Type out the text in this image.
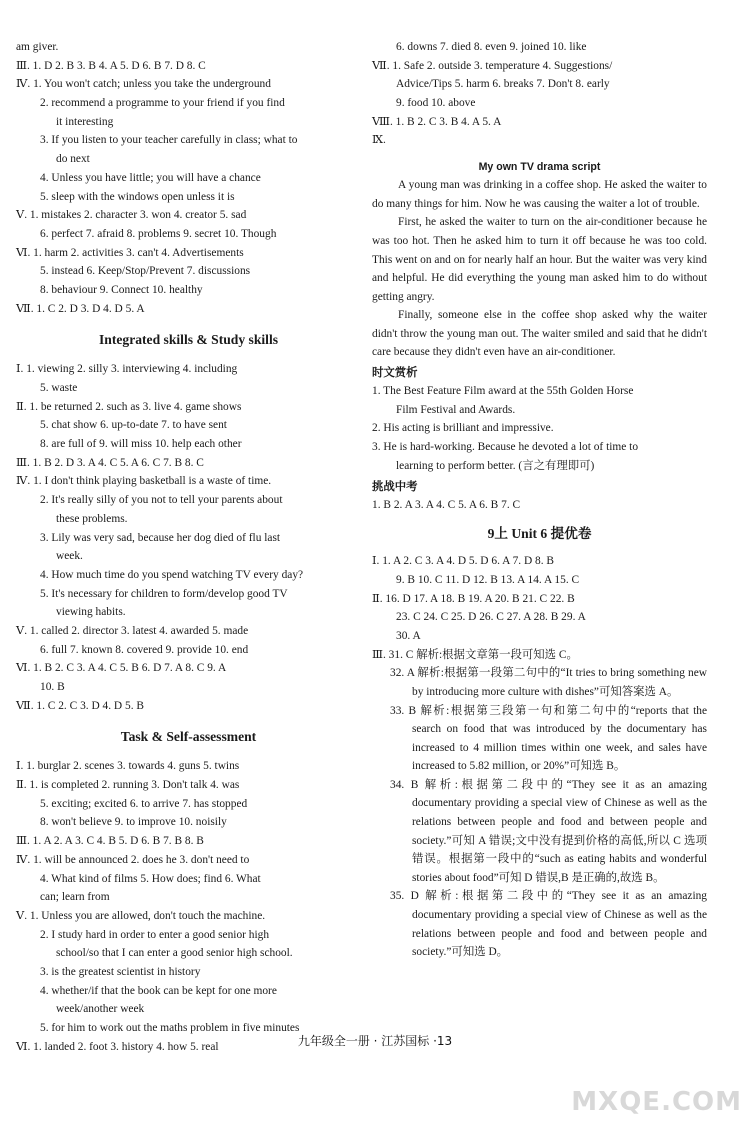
am giver.
Ⅲ. 1. D 2. B 3. B 4. A 5. D 6. B 7. D 8. C
Ⅳ. 1. You won't catch; unless you take the underground
2. recommend a programme to your friend if you find
it interesting
3. If you listen to your teacher carefully in class; what to
do next
4. Unless you have little; you will have a chance
5. sleep with the windows open unless it is
Ⅴ. 1. mistakes 2. character 3. won 4. creator 5. sad
6. perfect 7. afraid 8. problems 9. secret 10. Though
Ⅵ. 1. harm 2. activities 3. can't 4. Advertisements
5. instead 6. Keep/Stop/Prevent 7. discussions
8. behaviour 9. Connect 10. healthy
Ⅶ. 1. C 2. D 3. D 4. D 5. A
Integrated skills & Study skills
Ⅰ. 1. viewing 2. silly 3. interviewing 4. including
5. waste
Ⅱ. 1. be returned 2. such as 3. live 4. game shows
5. chat show 6. up-to-date 7. to have sent
8. are full of 9. will miss 10. help each other
Ⅲ. 1. B 2. D 3. A 4. C 5. A 6. C 7. B 8. C
Ⅳ. 1. I don't think playing basketball is a waste of time.
2. It's really silly of you not to tell your parents about
these problems.
3. Lily was very sad, because her dog died of flu last
week.
4. How much time do you spend watching TV every day?
5. It's necessary for children to form/develop good TV
viewing habits.
Ⅴ. 1. called 2. director 3. latest 4. awarded 5. made
6. full 7. known 8. covered 9. provide 10. end
Ⅵ. 1. B 2. C 3. A 4. C 5. B 6. D 7. A 8. C 9. A
10. B
Ⅶ. 1. C 2. C 3. D 4. D 5. B
Task & Self-assessment
Ⅰ. 1. burglar 2. scenes 3. towards 4. guns 5. twins
Ⅱ. 1. is completed 2. running 3. Don't talk 4. was
5. exciting; excited 6. to arrive 7. has stopped
8. won't believe 9. to improve 10. noisily
Ⅲ. 1. A 2. A 3. C 4. B 5. D 6. B 7. B 8. B
Ⅳ. 1. will be announced 2. does he 3. don't need to
4. What kind of films 5. How does; find 6. What
can; learn from
Ⅴ. 1. Unless you are allowed, don't touch the machine.
2. I study hard in order to enter a good senior high
school/so that I can enter a good senior high school.
3. is the greatest scientist in history
4. whether/if that the book can be kept for one more
week/another week
5. for him to work out the maths problem in five minutes
Ⅵ. 1. landed 2. foot 3. history 4. how 5. real
6. downs 7. died 8. even 9. joined 10. like
Ⅶ. 1. Safe 2. outside 3. temperature 4. Suggestions/
Advice/Tips 5. harm 6. breaks 7. Don't 8. early
9. food 10. above
Ⅷ. 1. B 2. C 3. B 4. A 5. A
Ⅸ.
My own TV drama script
A young man was drinking in a coffee shop. He asked the waiter to do many things for him. Now he was causing the waiter a lot of trouble.
First, he asked the waiter to turn on the air-conditioner because he was too hot. Then he asked him to turn it off because he was too cold. This went on and on for nearly half an hour. But the waiter was very kind and helpful. He did everything the young man asked him to do without getting angry.
Finally, someone else in the coffee shop asked why the waiter didn't throw the young man out. The waiter smiled and said that he didn't care because they didn't even have an air-conditioner.
时文赏析
1. The Best Feature Film award at the 55th Golden Horse
Film Festival and Awards.
2. His acting is brilliant and impressive.
3. He is hard-working. Because he devoted a lot of time to
learning to perform better. (言之有理即可)
挑战中考
1. B 2. A 3. A 4. C 5. A 6. B 7. C
9上 Unit 6 提优卷
Ⅰ. 1. A 2. C 3. A 4. D 5. D 6. A 7. D 8. B
9. B 10. C 11. D 12. B 13. A 14. A 15. C
Ⅱ. 16. D 17. A 18. B 19. A 20. B 21. C 22. B
23. C 24. C 25. D 26. C 27. A 28. B 29. A
30. A
Ⅲ. 31. C 解析:根据文章第一段可知选 C。
32. A 解析:根据第一段第二句中的“It tries to bring something new by introducing more culture with dishes”可知答案选 A。
33. B 解析:根据第三段第一句和第二句中的“reports that the search on food that was introduced by the documentary has increased to 4 million times within one week, and sales have increased to 5.82 million, or 20%”可知选 B。
34. B 解析:根据第二段中的“They see it as an amazing documentary providing a special view of Chinese as well as the relations between people and food and between people and society.”可知 A 错误;文中没有提到价格的高低,所以 C 选项错误。根据第一段中的“such as eating habits and wonderful stories about food”可知 D 错误,B 是正确的,故选 B。
35. D 解析:根据第二段中的“They see it as an amazing documentary providing a special view of Chinese as well as the relations between people and food and between people and society.”可知选 D。
九年级全一册 · 江苏国标 ·13
MXQE.COM
